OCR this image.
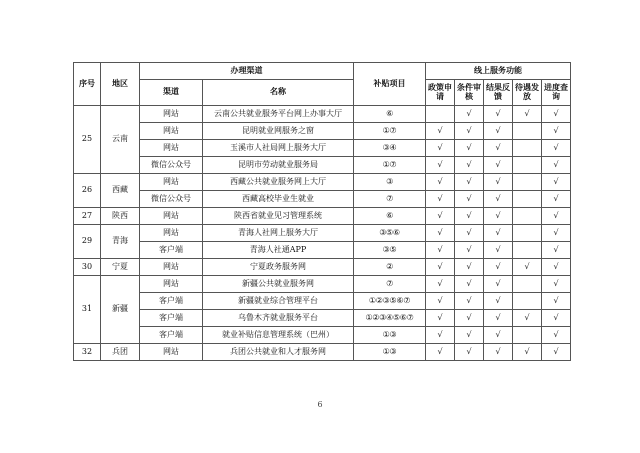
序号	地区	办理渠道		补贴项目	线上服务功能				
		渠道	名称		政策申请	条件审核	结果反馈	待遇发放	进度查询
25	云南	网站	云南公共就业服务平台网上办事大厅	⑥		√	√	√	√
		网站	昆明就业网服务之窗	①⑦	√	√	√		√
		网站	玉溪市人社局网上服务大厅	③④	√	√	√		√
		微信公众号	昆明市劳动就业服务局	①⑦	√	√	√		√
26	西藏	网站	西藏公共就业服务网上大厅	③	√	√	√		√
		微信公众号	西藏高校毕业生就业	⑦	√	√	√		√
27	陕西	网站	陕西省就业见习管理系统	⑥	√	√	√		√
29	青海	网站	青海人社网上服务大厅	③⑤⑥	√	√	√		√
		客户端	青海人社通APP	③⑤	√	√	√		√
30	宁夏	网站	宁夏政务服务网	②	√	√	√	√	√
31	新疆	网站	新疆公共就业服务网	⑦	√	√	√		√
		客户端	新疆就业综合管理平台	①②③⑤⑥⑦	√	√	√		√
		客户端	乌鲁木齐就业服务平台	①②③④⑤⑥⑦	√	√	√	√	√
		客户端	就业补贴信息管理系统（巴州）	①③	√	√	√		√
32	兵团	网站	兵团公共就业和人才服务网	①③	√	√	√	√	√
6
